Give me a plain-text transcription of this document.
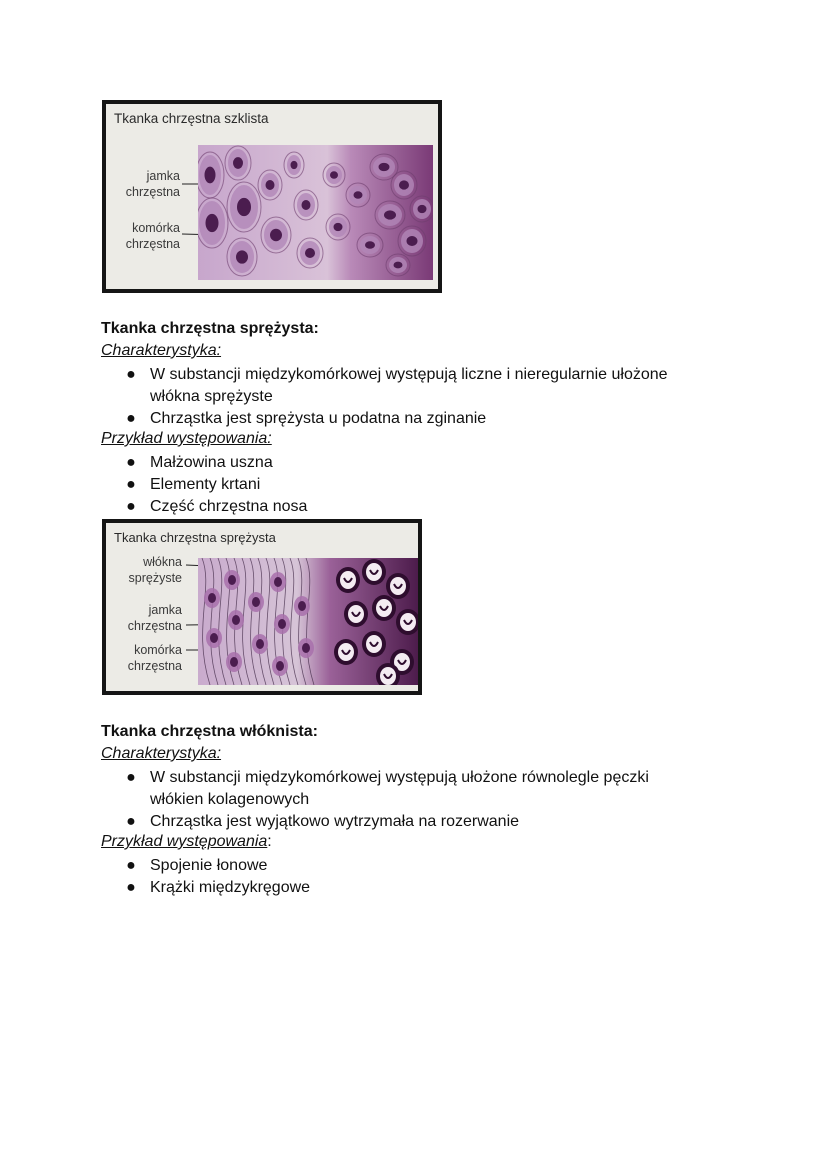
Tkanka chrzęstna szklista
jamka
chrzęstna
komórka
chrzęstna
Tkanka chrzęstna sprężysta:
Charakterystyka:
● W substancji międzykomórkowej występują liczne i nieregularnie ułożone włókna sprężyste
● Chrząstka jest sprężysta u podatna na zginanie
Przykład występowania:
● Małżowina uszna
● Elementy krtani
● Część chrzęstna nosa
Tkanka chrzęstna sprężysta
włókna
sprężyste
jamka
chrzęstna
komórka
chrzęstna
Tkanka chrzęstna włóknista:
Charakterystyka:
● W substancji międzykomórkowej występują ułożone równolegle pęczki włókien kolagenowych
● Chrząstka jest wyjątkowo wytrzymała na rozerwanie
Przykład występowania:
● Spojenie łonowe
● Krążki międzykręgowe
